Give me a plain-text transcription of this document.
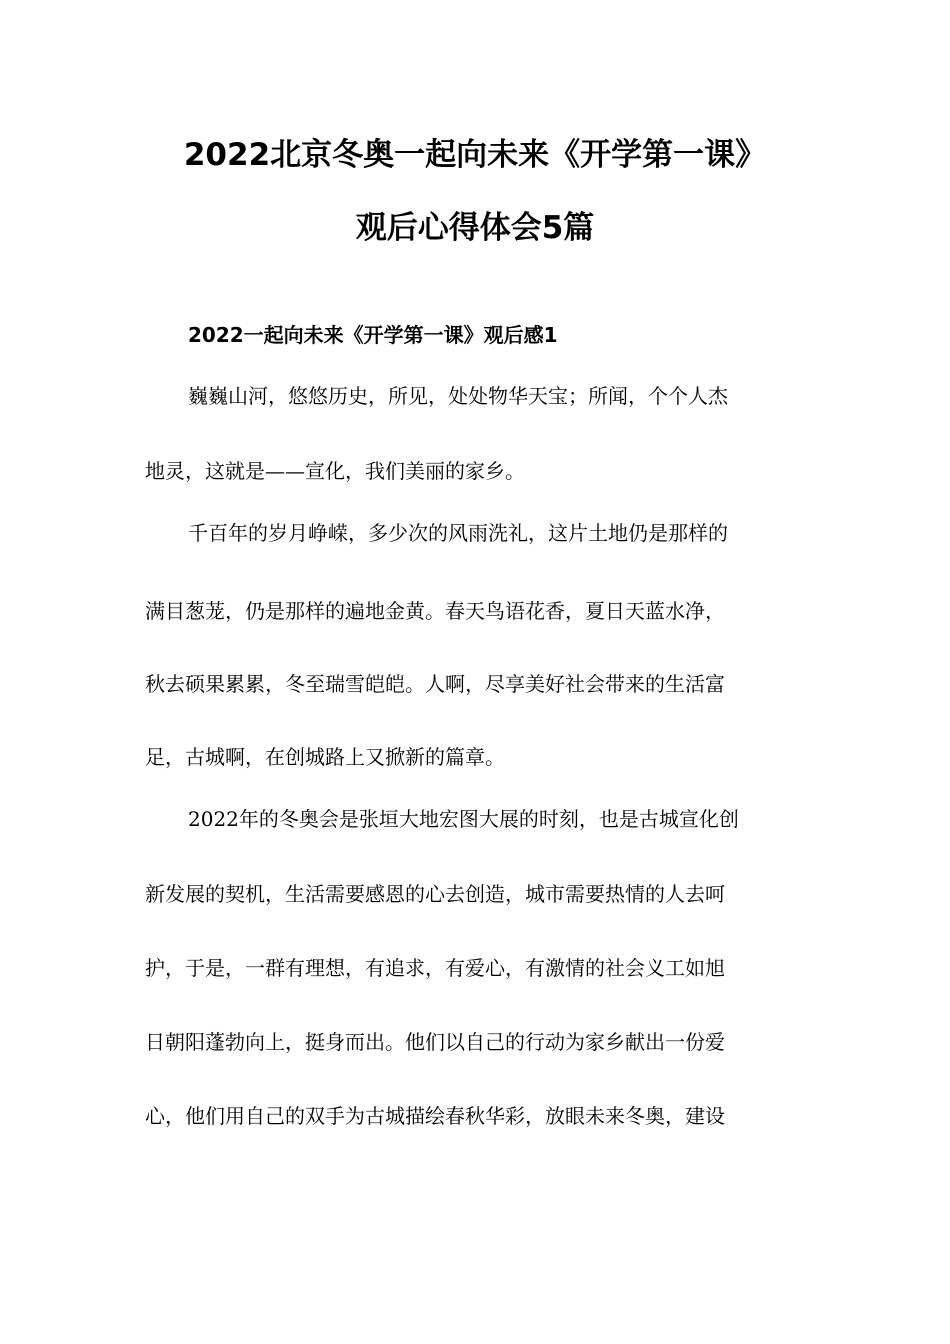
2022北京冬奥一起向未来《开学第一课》
观后心得体会5篇
2022一起向未来《开学第一课》观后感1
巍巍山河，悠悠历史，所见，处处物华天宝；所闻，个个人杰
地灵，这就是——宣化，我们美丽的家乡。
千百年的岁月峥嵘，多少次的风雨洗礼，这片土地仍是那样的
满目葱茏，仍是那样的遍地金黄。春天鸟语花香，夏日天蓝水净，
秋去硕果累累，冬至瑞雪皑皑。人啊，尽享美好社会带来的生活富
足，古城啊，在创城路上又掀新的篇章。
2022年的冬奥会是张垣大地宏图大展的时刻，也是古城宣化创
新发展的契机，生活需要感恩的心去创造，城市需要热情的人去呵
护，于是，一群有理想，有追求，有爱心，有激情的社会义工如旭
日朝阳蓬勃向上，挺身而出。他们以自己的行动为家乡献出一份爱
心，他们用自己的双手为古城描绘春秋华彩，放眼未来冬奥，建设
